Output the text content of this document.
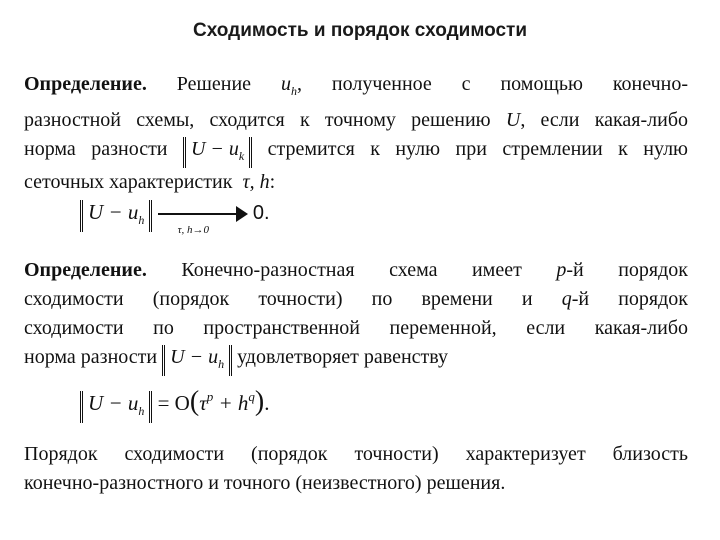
Сходимость и порядок сходимости
Определение. Решение $u_h$, полученное с помощью конечно-
разностной схемы, сходится к точному решению U, если какая-либо
норма разности $U - u_k$ стремится к нулю при стремлении к нулю
сеточных характеристик τ, h:
$U - u_h$
τ, h→0
0.
Определение. Конечно-разностная схема имеет p-й порядок
сходимости (порядок точности) по времени и q-й порядок
сходимости по пространственной переменной, если какая-либо
норма разности $U - u_h$ удовлетворяет равенству
$U - u_h = O(\tau^p + h^q)$.
Порядок сходимости (порядок точности) характеризует близость
конечно-разностного и точного (неизвестного) решения.
